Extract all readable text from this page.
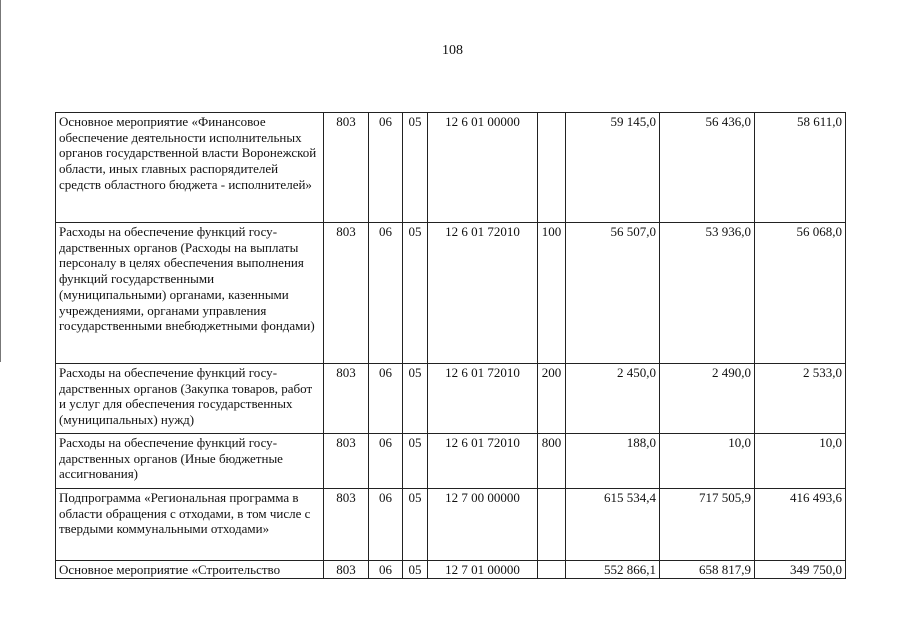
108
Основное мероприятие «Финансовое обеспечение деятельности исполнительных органов государственной власти Воронежской области, иных главных распорядителей средств областного бюджета - исполнителей»	803	06	05	12 6 01 00000		59 145,0	56 436,0	58 611,0
Расходы на обеспечение функций государственных органов (Расходы на выплаты персоналу в целях обеспечения выполнения функций государственными (муниципальными) органами, казенными учреждениями, органами управления государственными внебюджетными фондами)	803	06	05	12 6 01 72010	100	56 507,0	53 936,0	56 068,0
Расходы на обеспечение функций государственных органов (Закупка товаров, работ и услуг для обеспечения государственных (муниципальных) нужд)	803	06	05	12 6 01 72010	200	2 450,0	2 490,0	2 533,0
Расходы на обеспечение функций государственных органов (Иные бюджетные ассигнования)	803	06	05	12 6 01 72010	800	188,0	10,0	10,0
Подпрограмма «Региональная программа в области обращения с отходами, в том числе с твердыми коммунальными отходами»	803	06	05	12 7 00 00000		615 534,4	717 505,9	416 493,6
Основное мероприятие «Строительство	803	06	05	12 7 01 00000		552 866,1	658 817,9	349 750,0
